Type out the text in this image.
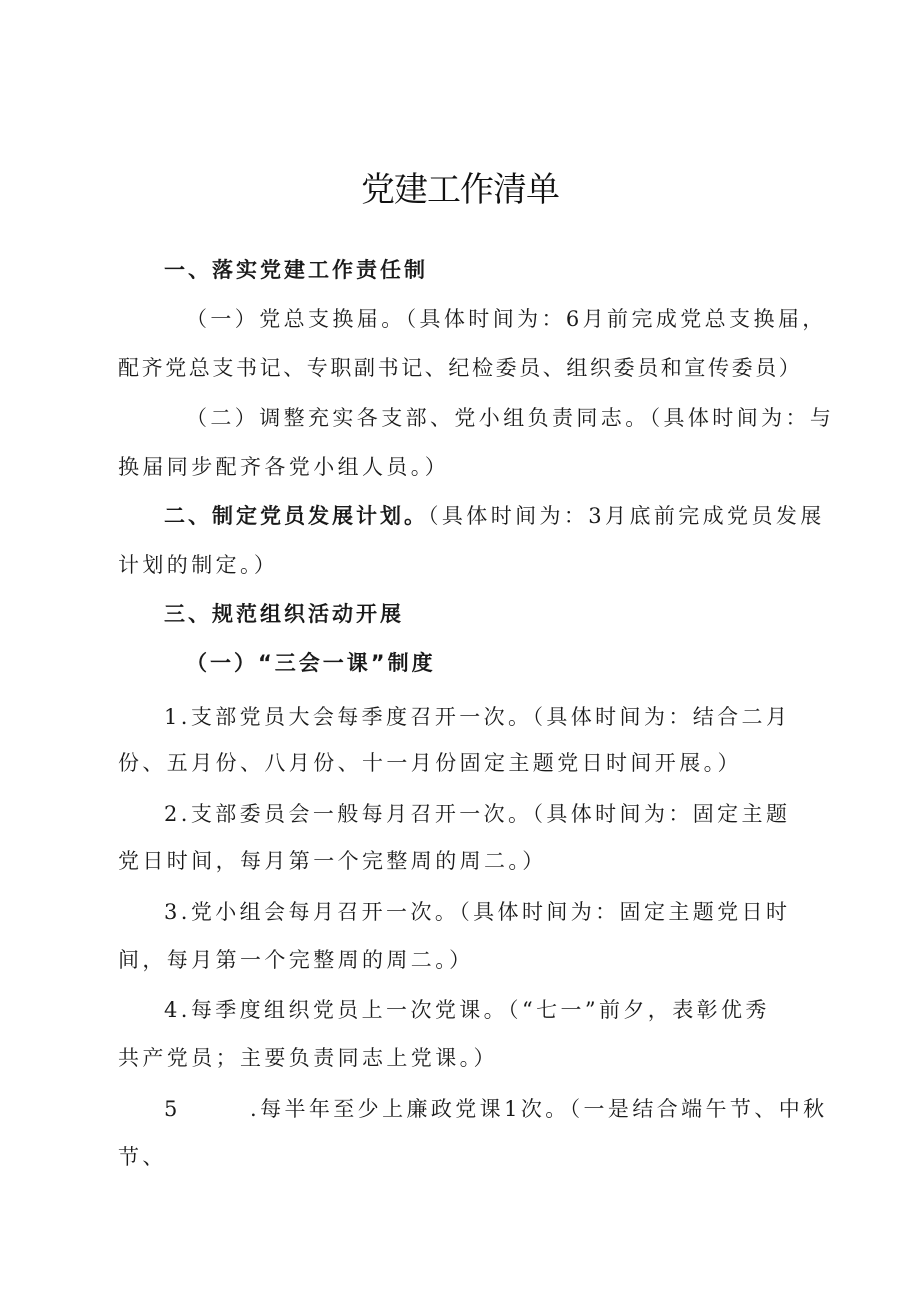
党建工作清单
一、落实党建工作责任制
（一）党总支换届。（具体时间为：6月前完成党总支换届，
配齐党总支书记、专职副书记、纪检委员、组织委员和宣传委员）
（二）调整充实各支部、党小组负责同志。（具体时间为：与
换届同步配齐各党小组人员。）
二、制定党员发展计划。（具体时间为：3月底前完成党员发展
计划的制定。）
三、规范组织活动开展
（一）“三会一课”制度
1.支部党员大会每季度召开一次。（具体时间为：结合二月
份、五月份、八月份、十一月份固定主题党日时间开展。）
2.支部委员会一般每月召开一次。（具体时间为：固定主题
党日时间，每月第一个完整周的周二。）
3.党小组会每月召开一次。（具体时间为：固定主题党日时
间，每月第一个完整周的周二。）
4.每季度组织党员上一次党课。（“七一”前夕，表彰优秀
共产党员；主要负责同志上党课。）
5	.每半年至少上廉政党课1次。（一是结合端午节、中秋
节、
